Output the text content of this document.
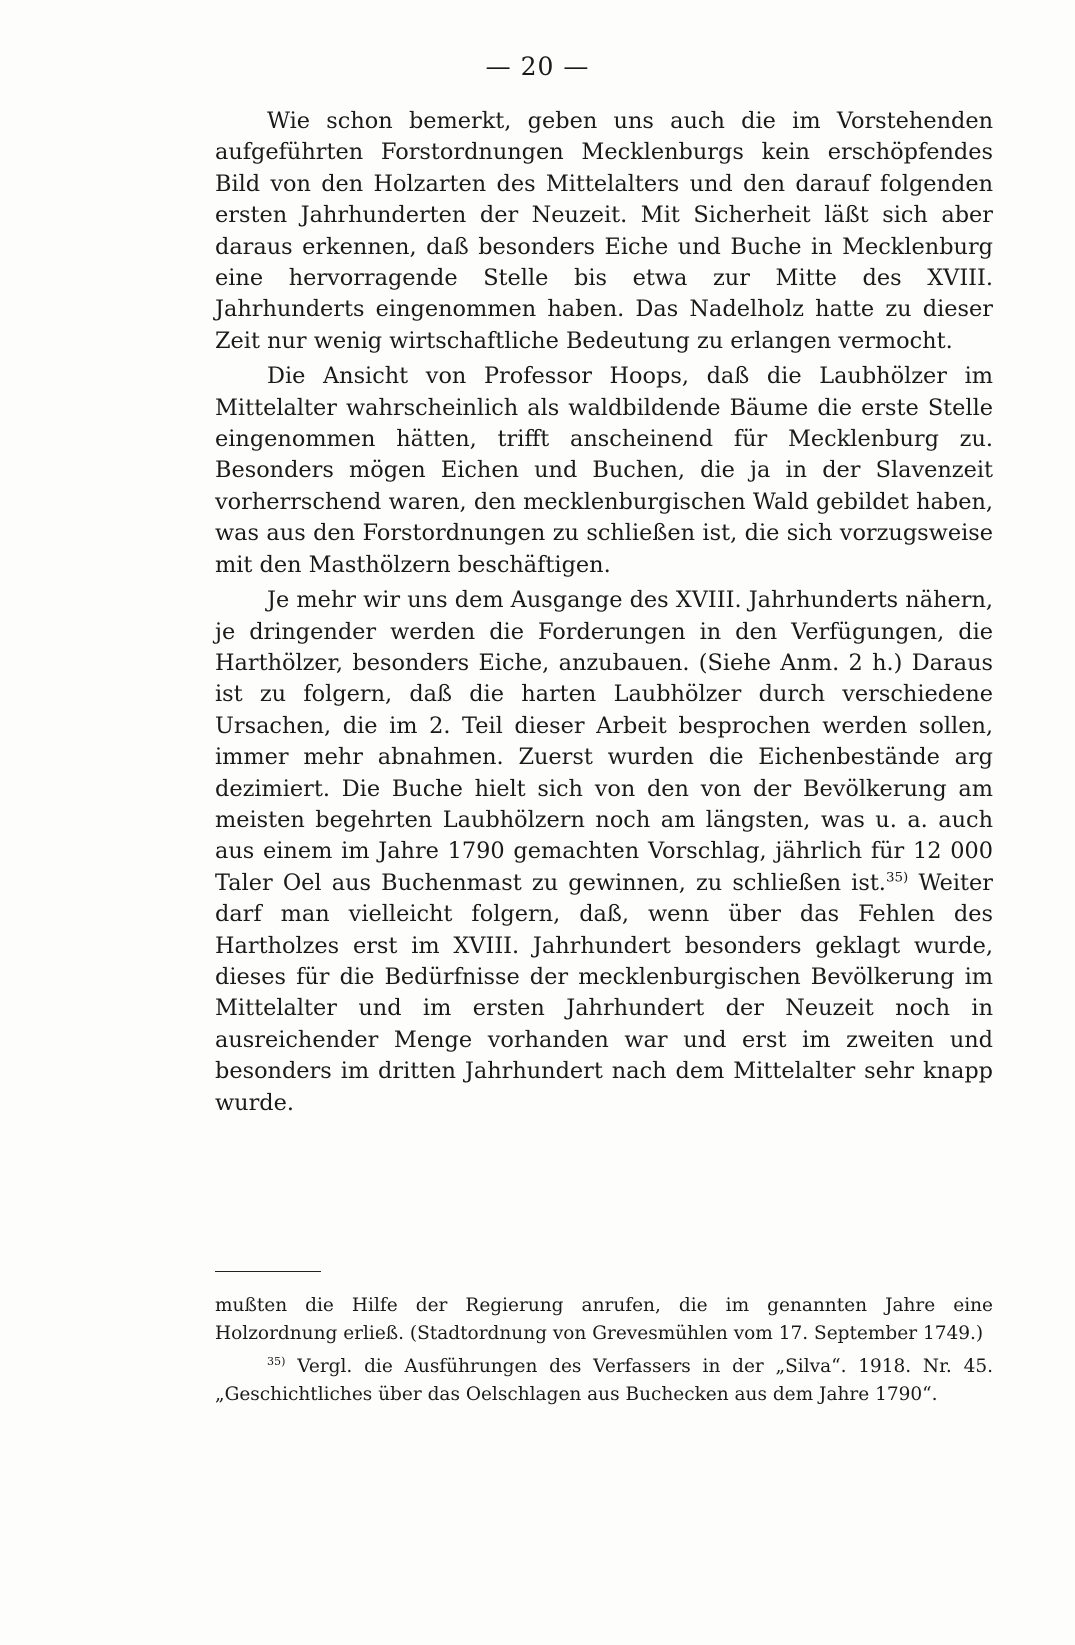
— 20 —

Wie schon bemerkt, geben uns auch die im Vorstehenden aufgeführten Forstordnungen Mecklenburgs kein erschöpfendes Bild von den Holzarten des Mittelalters und den darauf folgenden ersten Jahrhunderten der Neuzeit. Mit Sicherheit läßt sich aber daraus erkennen, daß besonders Eiche und Buche in Mecklenburg eine hervorragende Stelle bis etwa zur Mitte des XVIII. Jahrhunderts eingenommen haben. Das Nadelholz hatte zu dieser Zeit nur wenig wirtschaftliche Bedeutung zu erlangen vermocht.

Die Ansicht von Professor Hoops, daß die Laubhölzer im Mittelalter wahrscheinlich als waldbildende Bäume die erste Stelle eingenommen hätten, trifft anscheinend für Mecklenburg zu. Besonders mögen Eichen und Buchen, die ja in der Slavenzeit vorherrschend waren, den mecklenburgischen Wald gebildet haben, was aus den Forstordnungen zu schließen ist, die sich vorzugsweise mit den Masthölzern beschäftigen.

Je mehr wir uns dem Ausgange des XVIII. Jahrhunderts nähern, je dringender werden die Forderungen in den Verfügungen, die Harthölzer, besonders Eiche, anzubauen. (Siehe Anm. 2 h.) Daraus ist zu folgern, daß die harten Laubhölzer durch verschiedene Ursachen, die im 2. Teil dieser Arbeit besprochen werden sollen, immer mehr abnahmen. Zuerst wurden die Eichenbestände arg dezimiert. Die Buche hielt sich von den von der Bevölkerung am meisten begehrten Laubhölzern noch am längsten, was u. a. auch aus einem im Jahre 1790 gemachten Vorschlag, jährlich für 12 000 Taler Oel aus Buchenmast zu gewinnen, zu schließen ist.$^{35)}$ Weiter darf man vielleicht folgern, daß, wenn über das Fehlen des Hartholzes erst im XVIII. Jahrhundert besonders geklagt wurde, dieses für die Bedürfnisse der mecklenburgischen Bevölkerung im Mittelalter und im ersten Jahrhundert der Neuzeit noch in ausreichender Menge vorhanden war und erst im zweiten und besonders im dritten Jahrhundert nach dem Mittelalter sehr knapp wurde.

mußten die Hilfe der Regierung anrufen, die im genannten Jahre eine Holzordnung erließ. (Stadtordnung von Grevesmühlen vom 17. September 1749.)

$^{35)}$ Vergl. die Ausführungen des Verfassers in der „Silva“. 1918. Nr. 45. „Geschichtliches über das Oelschlagen aus Buchecken aus dem Jahre 1790“.
